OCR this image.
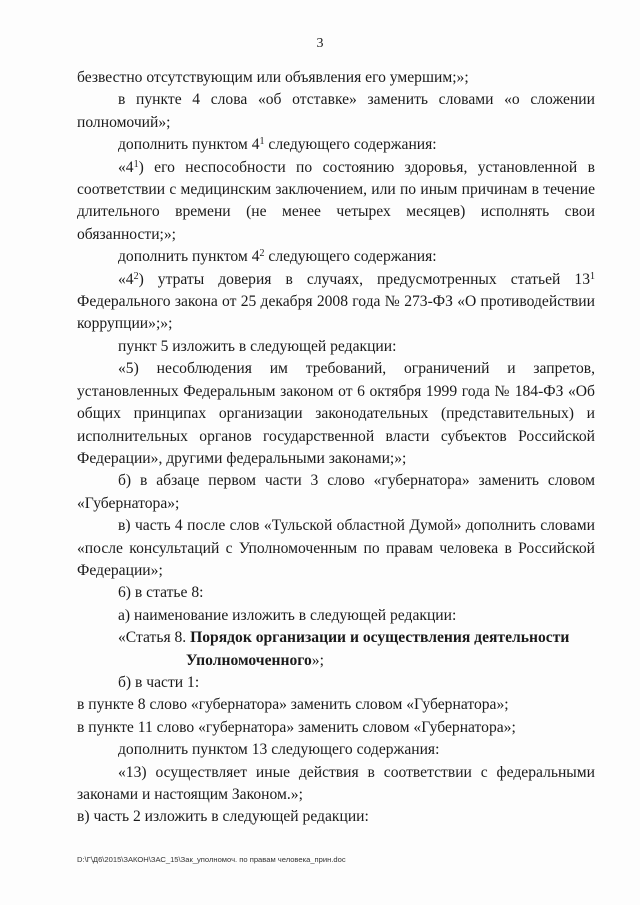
3

безвестно отсутствующим или объявления его умершим;»;

в пункте 4 слова «об отставке» заменить словами «о сложении полномочий»;

дополнить пунктом $4^1$ следующего содержания:

«$4^1$) его неспособности по состоянию здоровья, установленной в соответствии с медицинским заключением, или по иным причинам в течение длительного времени (не менее четырех месяцев) исполнять свои обязанности;»;

дополнить пунктом $4^2$ следующего содержания:

«$4^2$) утраты доверия в случаях, предусмотренных статьей $13^1$ Федерального закона от 25 декабря 2008 года № 273-ФЗ «О противодействии коррупции»;»;

пункт 5 изложить в следующей редакции:

«5) несоблюдения им требований, ограничений и запретов, установленных Федеральным законом от 6 октября 1999 года № 184-ФЗ «Об общих принципах организации законодательных (представительных) и исполнительных органов государственной власти субъектов Российской Федерации», другими федеральными законами;»;

б) в абзаце первом части 3 слово «губернатора» заменить словом «Губернатора»;

в) часть 4 после слов «Тульской областной Думой» дополнить словами «после консультаций с Уполномоченным по правам человека в Российской Федерации»;

6) в статье 8:

а) наименование изложить в следующей редакции:

«Статья 8. Порядок организации и осуществления деятельности
Уполномоченного»;

б) в части 1:

в пункте 8 слово «губернатора» заменить словом «Губернатора»;

в пункте 11 слово «губернатора» заменить словом «Губернатора»;

дополнить пунктом 13 следующего содержания:

«13) осуществляет иные действия в соответствии с федеральными законами и настоящим Законом.»;

в) часть 2 изложить в следующей редакции:

D:\Г\Д6\2015\ЗАКОН\ЗАС_15\Зак_уполномоч. по правам человека_прин.doc
